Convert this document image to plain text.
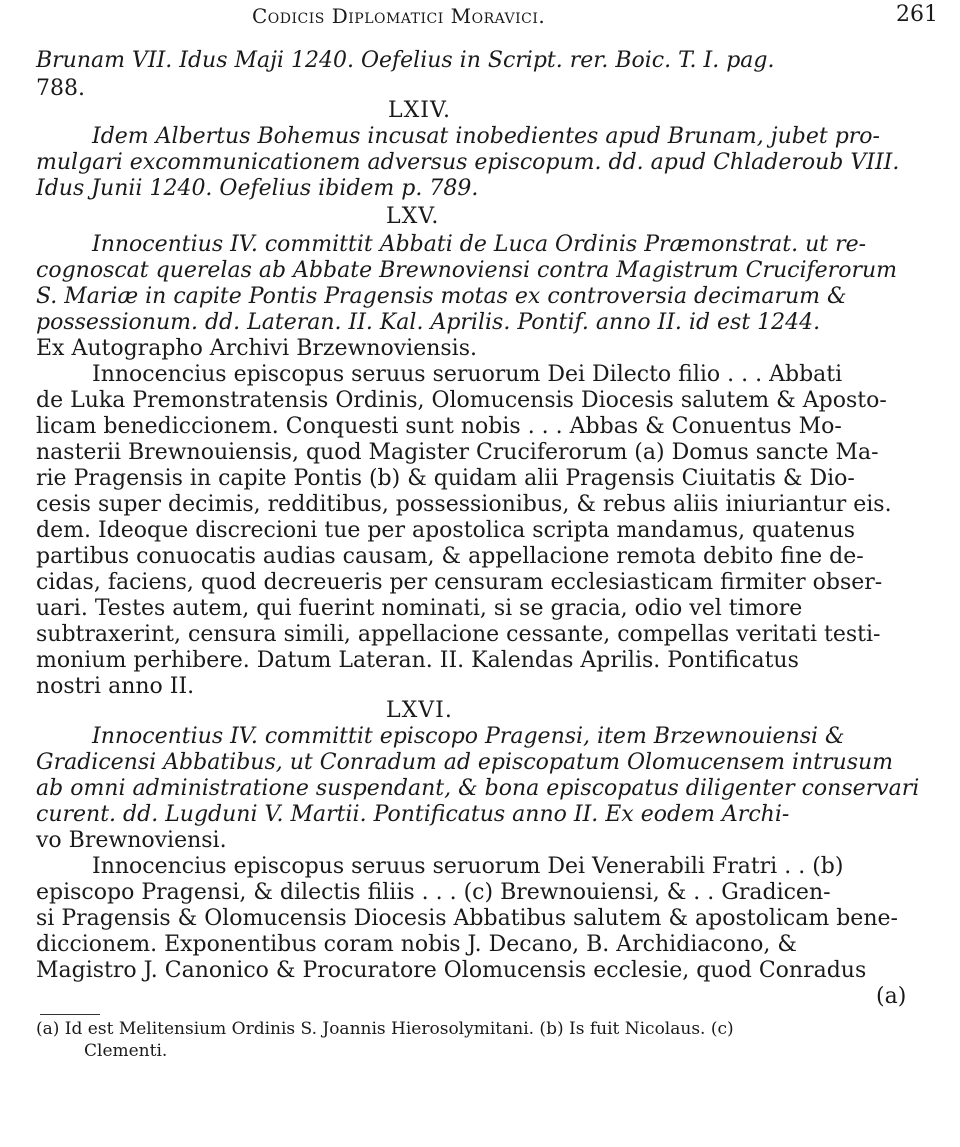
Codicis Diplomatici Moravici.	261
Brunam VII. Idus Maji 1240. Oefelius in Script. rer. Boic. T. I. pag.
788.
LXIV.
Idem Albertus Bohemus incusat inobedientes apud Brunam, jubet pro-
mulgari excommunicationem adversus episcopum. dd. apud Chladeroub VIII.
Idus Junii 1240. Oefelius ibidem p. 789.
LXV.
Innocentius IV. committit Abbati de Luca Ordinis Præmonstrat. ut re-
cognoscat querelas ab Abbate Brewnoviensi contra Magistrum Cruciferorum
S. Mariæ in capite Pontis Pragensis motas ex controversia decimarum &
possessionum. dd. Lateran. II. Kal. Aprilis. Pontif. anno II. id est 1244.
Ex Autographo Archivi Brzewnoviensis.
Innocencius episcopus seruus seruorum Dei Dilecto filio . . . Abbati
de Luka Premonstratensis Ordinis, Olomucensis Diocesis salutem & Aposto-
licam benediccionem. Conquesti sunt nobis . . . Abbas & Conuentus Mo-
nasterii Brewnouiensis, quod Magister Cruciferorum (a) Domus sancte Ma-
rie Pragensis in capite Pontis (b) & quidam alii Pragensis Ciuitatis & Dio-
cesis super decimis, redditibus, possessionibus, & rebus aliis iniuriantur eis.
dem. Ideoque discrecioni tue per apostolica scripta mandamus, quatenus
partibus conuocatis audias causam, & appellacione remota debito fine de-
cidas, faciens, quod decreueris per censuram ecclesiasticam firmiter obser-
uari. Testes autem, qui fuerint nominati, si se gracia, odio vel timore
subtraxerint, censura simili, appellacione cessante, compellas veritati testi-
monium perhibere. Datum Lateran. II. Kalendas Aprilis. Pontificatus
nostri anno II.
LXVI.
Innocentius IV. committit episcopo Pragensi, item Brzewnouiensi &
Gradicensi Abbatibus, ut Conradum ad episcopatum Olomucensem intrusum
ab omni administratione suspendant, & bona episcopatus diligenter conservari
curent. dd. Lugduni V. Martii. Pontificatus anno II. Ex eodem Archi-
vo Brewnoviensi.
Innocencius episcopus seruus seruorum Dei Venerabili Fratri . . (b)
episcopo Pragensi, & dilectis filiis . . . (c) Brewnouiensi, & . . Gradicen-
si Pragensis & Olomucensis Diocesis Abbatibus salutem & apostolicam bene-
diccionem. Exponentibus coram nobis J. Decano, B. Archidiacono, &
Magistro J. Canonico & Procuratore Olomucensis ecclesie, quod Conradus
(a)
(a) Id est Melitensium Ordinis S. Joannis Hierosolymitani. (b) Is fuit Nicolaus. (c)
Clementi.
